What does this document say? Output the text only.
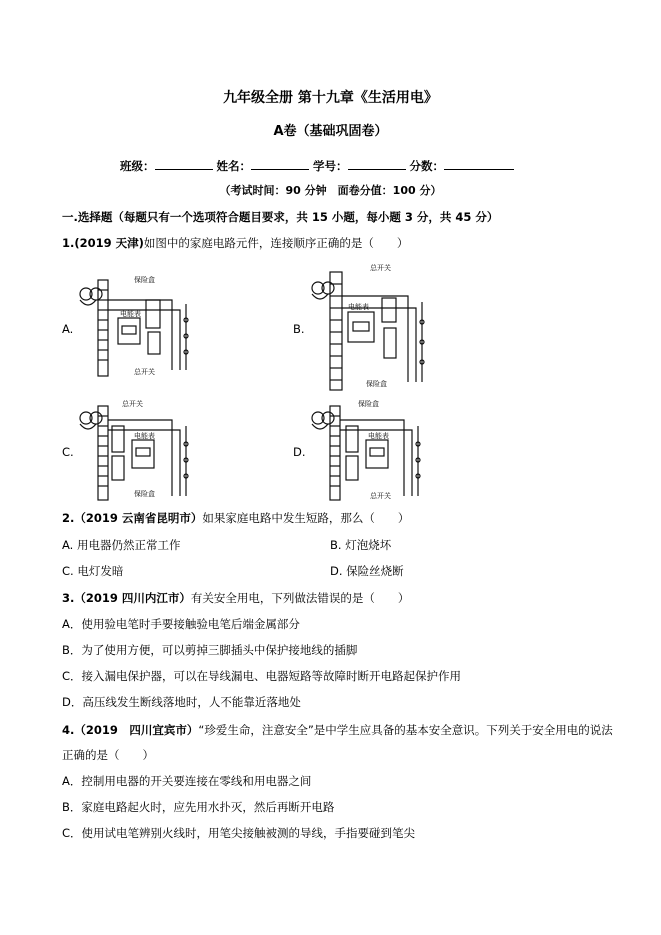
九年级全册 第十九章《生活用电》
A卷（基础巩固卷）
班级：	姓名：	学号：	分数：
（考试时间：90 分钟　面卷分值：100 分）
一.选择题（每题只有一个选项符合题目要求，共 15 小题，每小题 3 分，共 45 分）
1.(2019 天津)如图中的家庭电路元件，连接顺序正确的是（　　）
A.	B.
C.	D.
保险盒
电能表
总开关
总开关
电能表
保险盒
总开关
电能表
保险盒
保险盒
电能表
总开关
2.（2019 云南省昆明市）如果家庭电路中发生短路，那么（　　）
A. 用电器仍然正常工作	B. 灯泡烧坏
C. 电灯发暗	D. 保险丝烧断
3.（2019 四川内江市）有关安全用电，下列做法错误的是（　　）
A．使用验电笔时手要接触验电笔后端金属部分
B．为了使用方便，可以剪掉三脚插头中保护接地线的插脚
C．接入漏电保护器，可以在导线漏电、电器短路等故障时断开电路起保护作用
D．高压线发生断线落地时，人不能靠近落地处
4.（2019　四川宜宾市）“珍爱生命，注意安全”是中学生应具备的基本安全意识。下列关于安全用电的说法
正确的是（　　）
A．控制用电器的开关要连接在零线和用电器之间
B．家庭电路起火时，应先用水扑灭，然后再断开电路
C．使用试电笔辨别火线时，用笔尖接触被测的导线，手指要碰到笔尖
